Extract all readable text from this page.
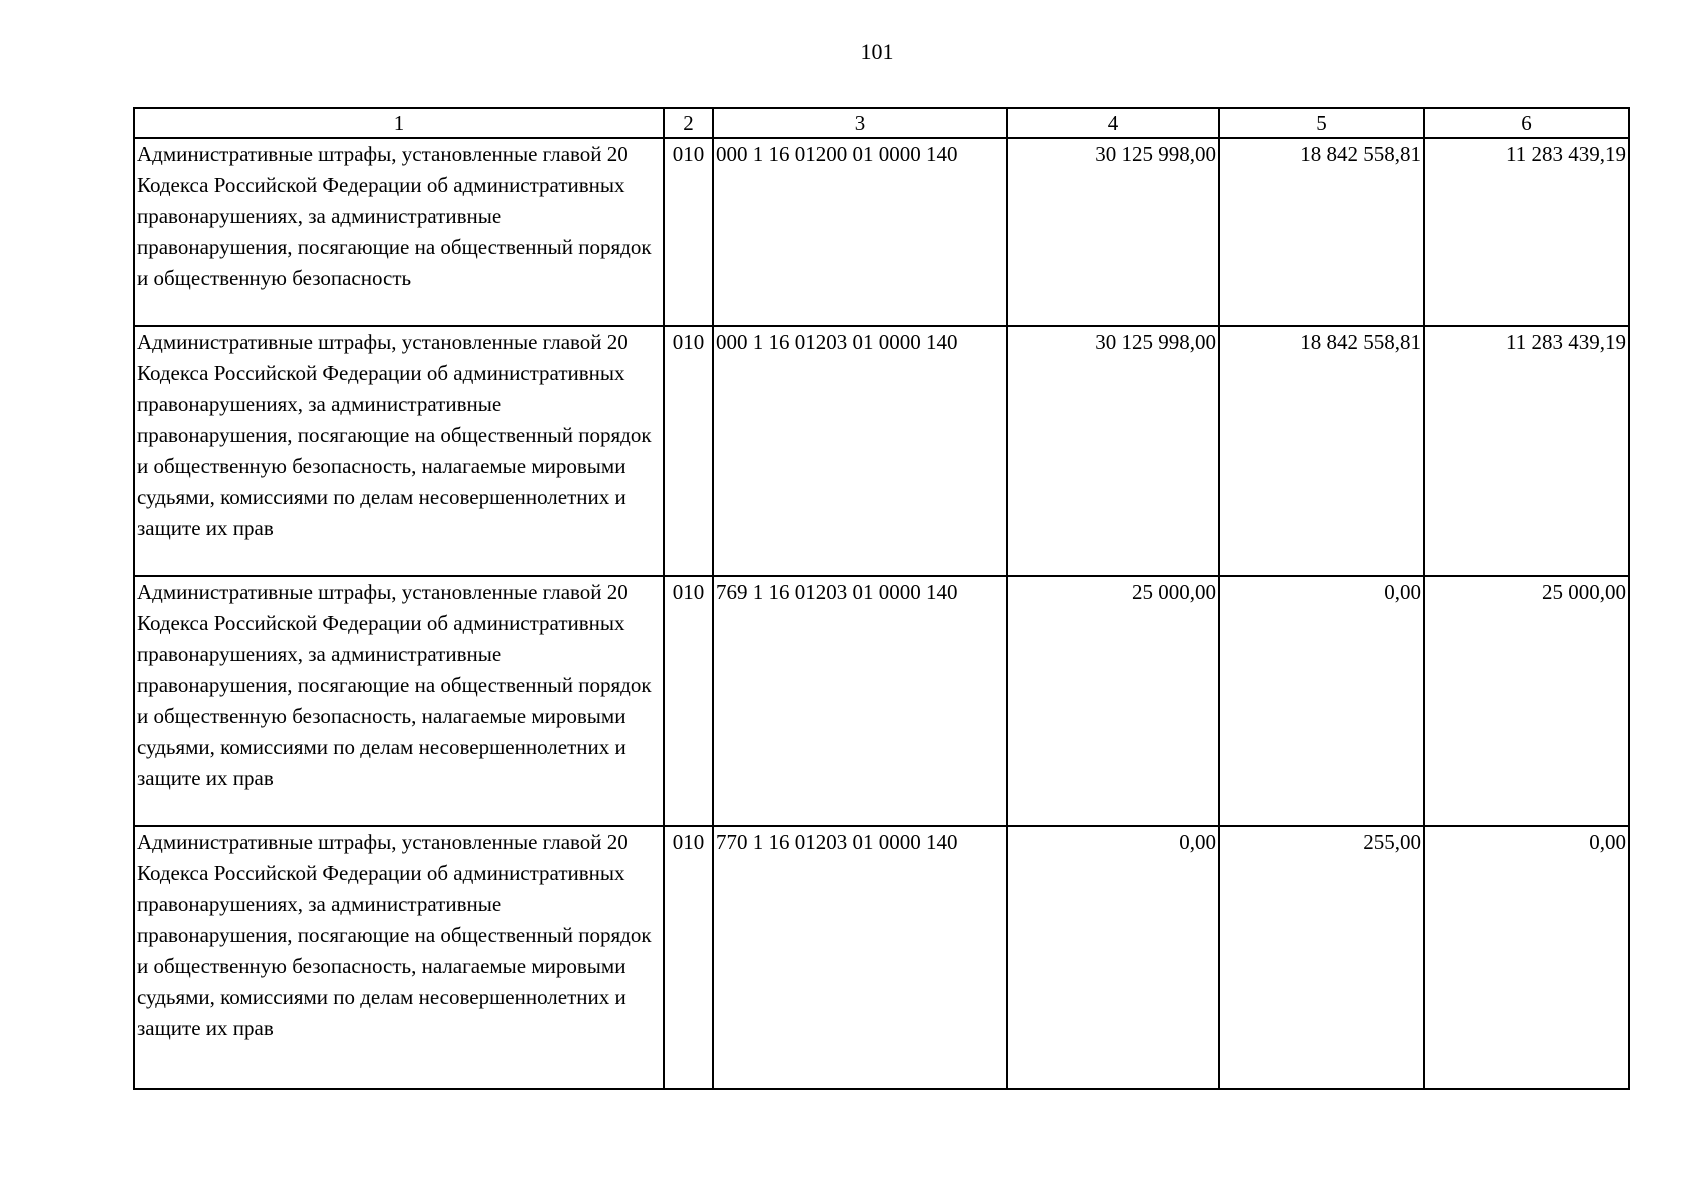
101
1	2	3	4	5	6
Административные штрафы, установленные главой 20 Кодекса Российской Федерации об административных правонарушениях, за административные правонарушения, посягающие на общественный порядок и общественную безопасность	010	000 1 16 01200 01 0000 140	30 125 998,00	18 842 558,81	11 283 439,19
Административные штрафы, установленные главой 20 Кодекса Российской Федерации об административных правонарушениях, за административные правонарушения, посягающие на общественный порядок и общественную безопасность, налагаемые мировыми судьями, комиссиями по делам несовершеннолетних и защите их прав	010	000 1 16 01203 01 0000 140	30 125 998,00	18 842 558,81	11 283 439,19
Административные штрафы, установленные главой 20 Кодекса Российской Федерации об административных правонарушениях, за административные правонарушения, посягающие на общественный порядок и общественную безопасность, налагаемые мировыми судьями, комиссиями по делам несовершеннолетних и защите их прав	010	769 1 16 01203 01 0000 140	25 000,00	0,00	25 000,00
Административные штрафы, установленные главой 20 Кодекса Российской Федерации об административных правонарушениях, за административные правонарушения, посягающие на общественный порядок и общественную безопасность, налагаемые мировыми судьями, комиссиями по делам несовершеннолетних и защите их прав	010	770 1 16 01203 01 0000 140	0,00	255,00	0,00
